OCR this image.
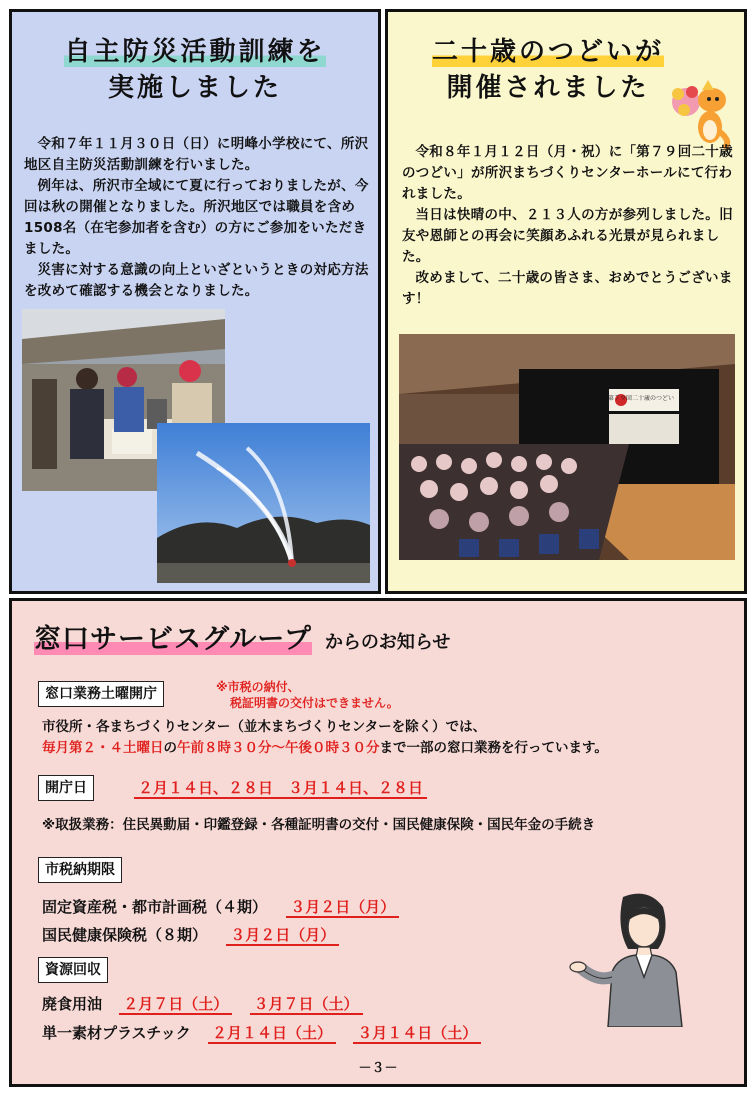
自主防災活動訓練を
実施しました

令和７年１１月３０日（日）に明峰小学校にて、所沢地区自主防災活動訓練を行いました。

例年は、所沢市全域にて夏に行っておりましたが、今回は秋の開催となりました。所沢地区では職員を含め1508名（在宅参加者を含む）の方にご参加をいただきました。

災害に対する意識の向上といざというときの対応方法を改めて確認する機会となりました。

二十歳のつどいが
開催されました

令和８年１月１２日（月・祝）に「第７９回二十歳のつどい」が所沢まちづくりセンターホールにて行われました。

当日は快晴の中、２１３人の方が参列しました。旧友や恩師との再会に笑顔あふれる光景が見られました。

改めまして、二十歳の皆さま、おめでとうございます！

窓口サービスグループ からのお知らせ
窓口業務土曜開庁	※市税の納付、
税証明書の交付はできません。
市役所・各まちづくりセンター（並木まちづくりセンターを除く）では、
毎月第２・４土曜日の午前８時３０分〜午後０時３０分まで一部の窓口業務を行っています。
開庁日	２月１４日、２８日　３月１４日、２８日
※取扱業務：住民異動届・印鑑登録・各種証明書の交付・国民健康保険・国民年金の手続き
市税納期限
固定資産税・都市計画税（４期） ３月２日（月）
国民健康保険税（８期） ３月２日（月）
資源回収
廃食用油 ２月７日（土） ３月７日（土）
単一素材プラスチック ２月１４日（土） ３月１４日（土）
－３－
第７９回二十歳のつどい
